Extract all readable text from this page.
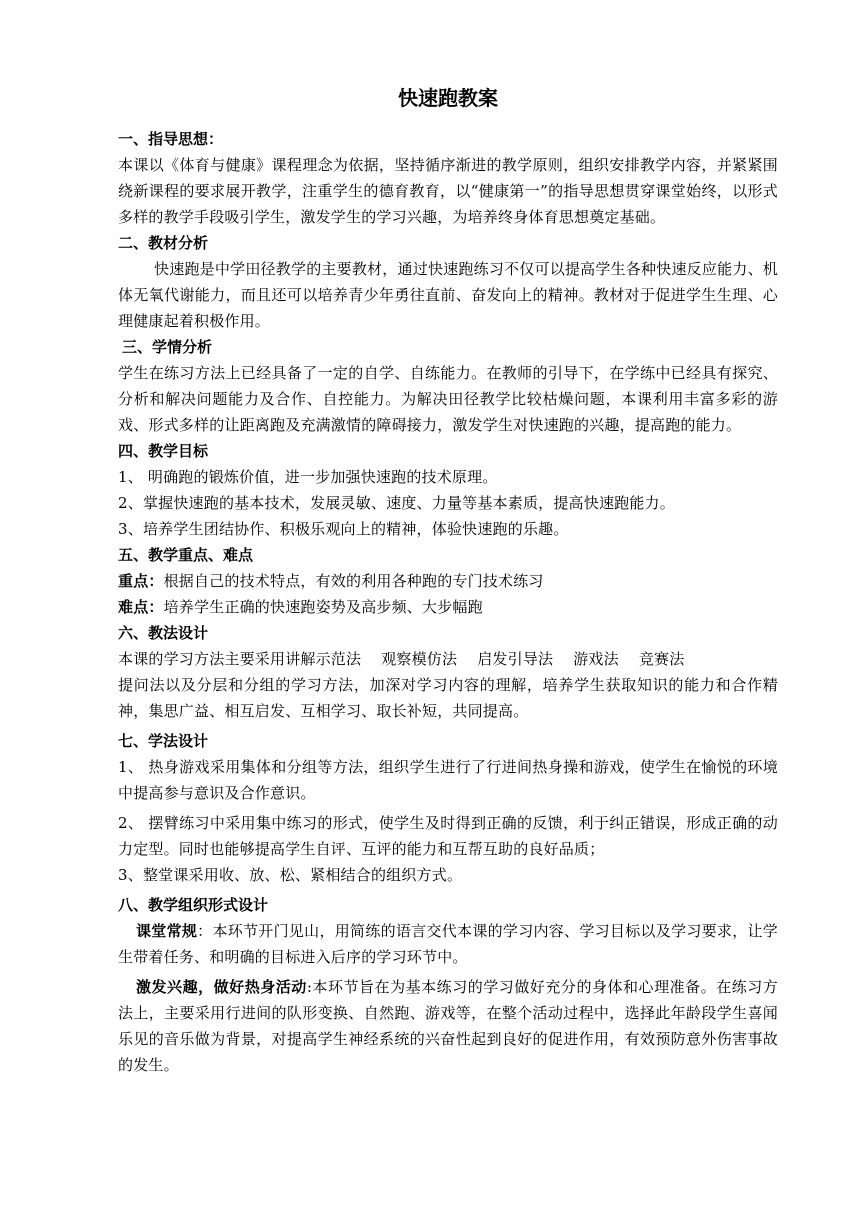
快速跑教案

一、指导思想：

本课以《体育与健康》课程理念为依据，坚持循序渐进的教学原则，组织安排教学内容，并紧紧围绕新课程的要求展开教学，注重学生的德育教育，以“健康第一”的指导思想贯穿课堂始终，以形式多样的教学手段吸引学生，激发学生的学习兴趣，为培养终身体育思想奠定基础。

二、教材分析

快速跑是中学田径教学的主要教材，通过快速跑练习不仅可以提高学生各种快速反应能力、机体无氧代谢能力，而且还可以培养青少年勇往直前、奋发向上的精神。教材对于促进学生生理、心理健康起着积极作用。

三、学情分析

学生在练习方法上已经具备了一定的自学、自练能力。在教师的引导下，在学练中已经具有探究、分析和解决问题能力及合作、自控能力。为解决田径教学比较枯燥问题，本课利用丰富多彩的游戏、形式多样的让距离跑及充满激情的障碍接力，激发学生对快速跑的兴趣，提高跑的能力。

四、教学目标

1、 明确跑的锻炼价值，进一步加强快速跑的技术原理。

2、掌握快速跑的基本技术，发展灵敏、速度、力量等基本素质，提高快速跑能力。

3、培养学生团结协作、积极乐观向上的精神，体验快速跑的乐趣。

五、教学重点、难点

重点：根据自己的技术特点，有效的利用各种跑的专门技术练习

难点：培养学生正确的快速跑姿势及高步频、大步幅跑

六、教法设计

本课的学习方法主要采用讲解示范法 观察模仿法 启发引导法 游戏法 竞赛法

提问法以及分层和分组的学习方法，加深对学习内容的理解，培养学生获取知识的能力和合作精神，集思广益、相互启发、互相学习、取长补短，共同提高。

七、学法设计

1、 热身游戏采用集体和分组等方法，组织学生进行了行进间热身操和游戏，使学生在愉悦的环境中提高参与意识及合作意识。

2、 摆臂练习中采用集中练习的形式，使学生及时得到正确的反馈，利于纠正错误，形成正确的动力定型。同时也能够提高学生自评、互评的能力和互帮互助的良好品质；

3、整堂课采用收、放、松、紧相结合的组织方式。

八、教学组织形式设计

课堂常规：本环节开门见山，用简练的语言交代本课的学习内容、学习目标以及学习要求，让学生带着任务、和明确的目标进入后序的学习环节中。

激发兴趣，做好热身活动:本环节旨在为基本练习的学习做好充分的身体和心理准备。在练习方法上，主要采用行进间的队形变换、自然跑、游戏等，在整个活动过程中，选择此年龄段学生喜闻乐见的音乐做为背景，对提高学生神经系统的兴奋性起到良好的促进作用，有效预防意外伤害事故的发生。
